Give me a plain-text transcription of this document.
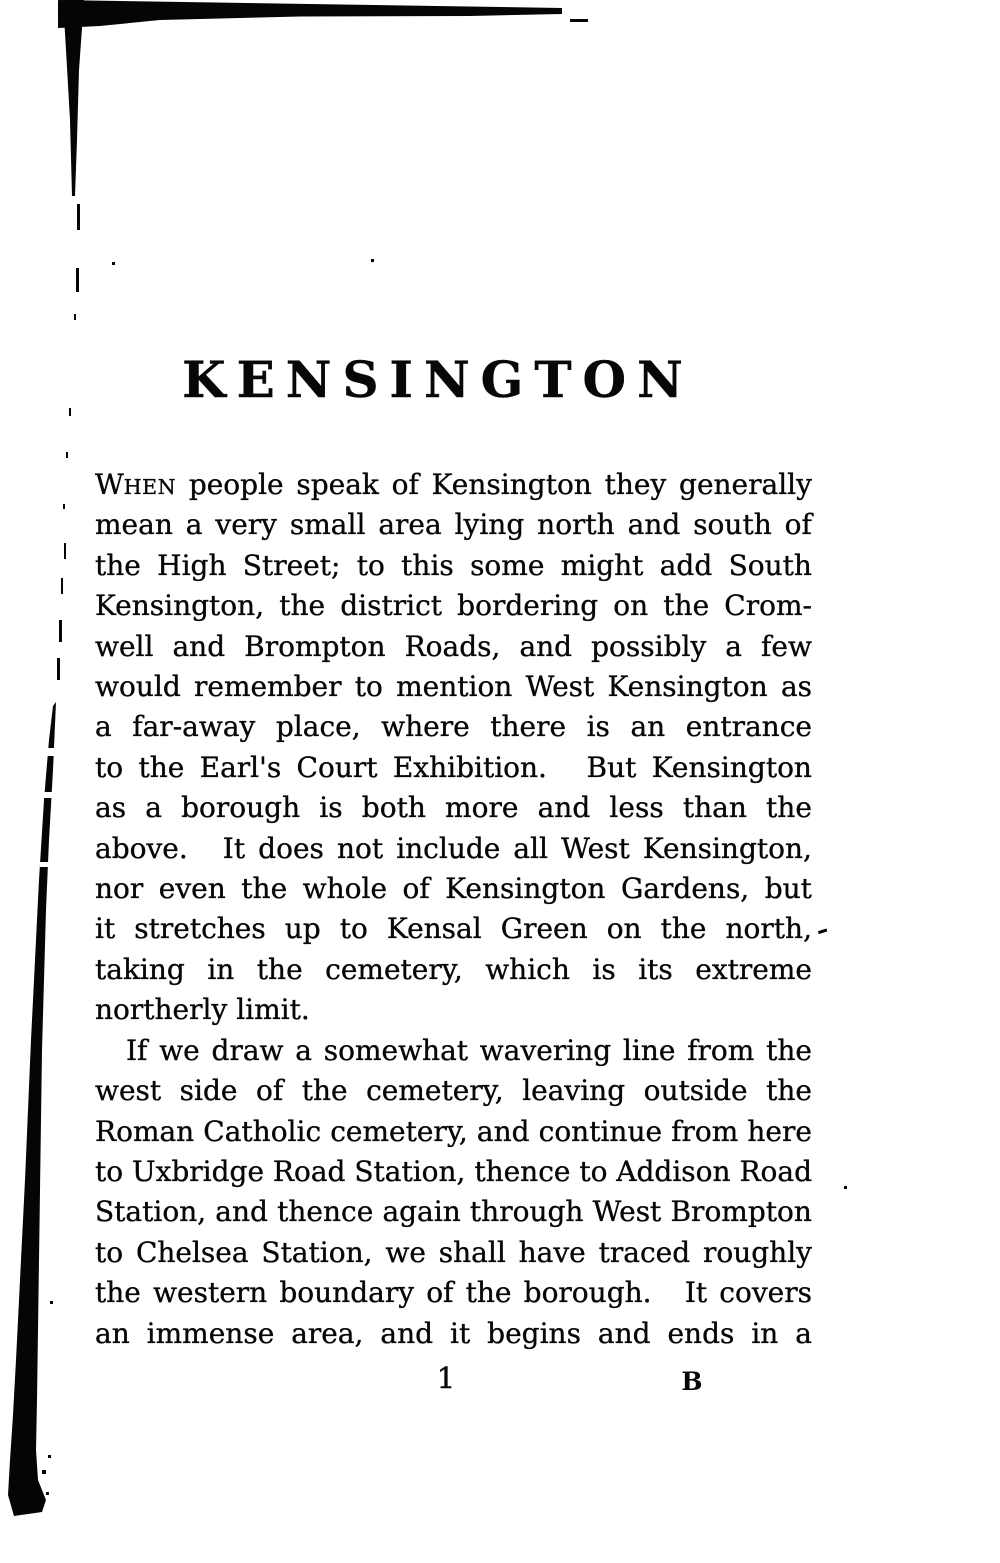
KENSINGTON
WHEN people speak of Kensington they generally
mean a very small area lying north and south of
the High Street; to this some might add South
Kensington, the district bordering on the Crom-
well and Brompton Roads, and possibly a few
would remember to mention West Kensington as
a far-away place, where there is an entrance
to the Earl's Court Exhibition.
But Kensington
as a borough is both more and less than the
above.
It does not include all West Kensington,
nor even the whole of Kensington Gardens, but
it stretches up to Kensal Green on the north,
taking in the cemetery, which is its extreme
northerly limit.
If we draw a somewhat wavering line from the
west side of the cemetery, leaving outside the
Roman Catholic cemetery, and continue from here
to Uxbridge Road Station, thence to Addison Road
Station, and thence again through West Brompton
to Chelsea Station, we shall have traced roughly
the western boundary of the borough.
It covers
an immense area, and it begins and ends in a
1	B
